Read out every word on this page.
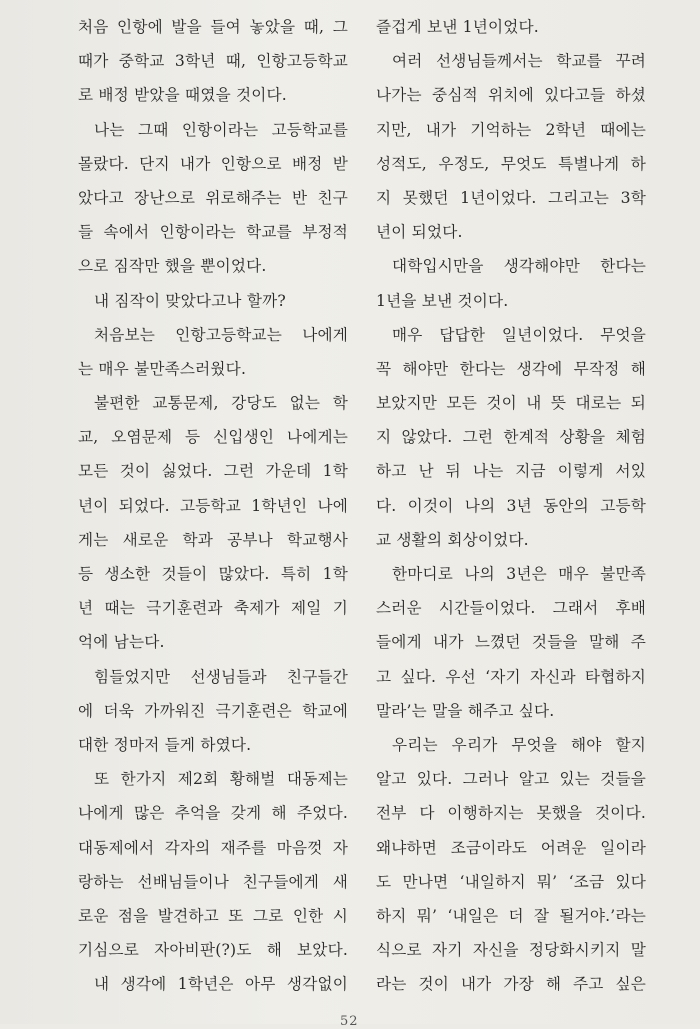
처음 인항에 발을 들여 놓았을 때, 그
때가 중학교 3학년 때, 인항고등학교
로 배정 받았을 때였을 것이다.
나는 그때 인항이라는 고등학교를
몰랐다. 단지 내가 인항으로 배정 받
았다고 장난으로 위로해주는 반 친구
들 속에서 인항이라는 학교를 부정적
으로 짐작만 했을 뿐이었다.
내 짐작이 맞았다고나 할까?
처음보는 인항고등학교는 나에게
는 매우 불만족스러웠다.
불편한 교통문제, 강당도 없는 학
교, 오염문제 등 신입생인 나에게는
모든 것이 싫었다. 그런 가운데 1학
년이 되었다. 고등학교 1학년인 나에
게는 새로운 학과 공부나 학교행사
등 생소한 것들이 많았다. 특히 1학
년 때는 극기훈련과 축제가 제일 기
억에 남는다.
힘들었지만 선생님들과 친구들간
에 더욱 가까워진 극기훈련은 학교에
대한 정마저 들게 하였다.
또 한가지 제2회 황해벌 대동제는
나에게 많은 추억을 갖게 해 주었다.
대동제에서 각자의 재주를 마음껏 자
랑하는 선배님들이나 친구들에게 새
로운 점을 발견하고 또 그로 인한 시
기심으로 자아비판(?)도 해 보았다.
내 생각에 1학년은 아무 생각없이
즐겁게 보낸 1년이었다.
여러 선생님들께서는 학교를 꾸려
나가는 중심적 위치에 있다고들 하셨
지만, 내가 기억하는 2학년 때에는
성적도, 우정도, 무엇도 특별나게 하
지 못했던 1년이었다. 그리고는 3학
년이 되었다.
대학입시만을 생각해야만 한다는
1년을 보낸 것이다.
매우 답답한 일년이었다. 무엇을
꼭 해야만 한다는 생각에 무작정 해
보았지만 모든 것이 내 뜻 대로는 되
지 않았다. 그런 한계적 상황을 체험
하고 난 뒤 나는 지금 이렇게 서있
다. 이것이 나의 3년 동안의 고등학
교 생활의 회상이었다.
한마디로 나의 3년은 매우 불만족
스러운 시간들이었다. 그래서 후배
들에게 내가 느꼈던 것들을 말해 주
고 싶다. 우선 ‘자기 자신과 타협하지
말라’는 말을 해주고 싶다.
우리는 우리가 무엇을 해야 할지
알고 있다. 그러나 알고 있는 것들을
전부 다 이행하지는 못했을 것이다.
왜냐하면 조금이라도 어려운 일이라
도 만나면 ‘내일하지 뭐’ ‘조금 있다
하지 뭐’ ‘내일은 더 잘 될거야.’라는
식으로 자기 자신을 정당화시키지 말
라는 것이 내가 가장 해 주고 싶은
52
